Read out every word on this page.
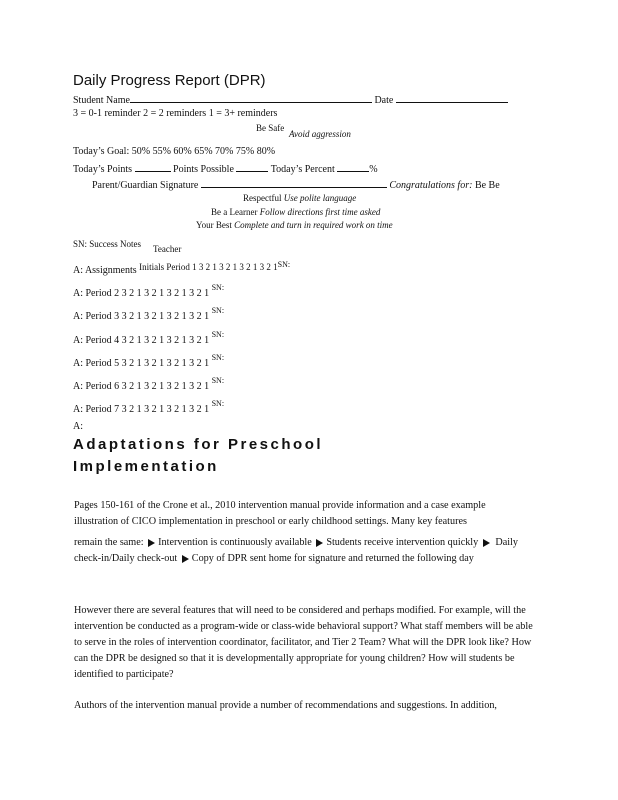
Daily Progress Report (DPR)
Student Name	Date
3 = 0-1 reminder 2 = 2 reminders 1 = 3+ reminders
Be Safe
Avoid aggression
Today’s Goal: 50% 55% 60% 65% 70% 75% 80%
Today’s Points	Points Possible	Today’s Percent	%
Parent/Guardian Signature	Congratulations for: Be Be
Respectful Use polite language
Be a Learner Follow directions first time asked
Your Best Complete and turn in required work on time
SN: Success Notes Teacher
A: Assignments Initials Period 1 3 2 1 3 2 1 3 2 1 3 2 $1^{SN:}$
A: Period 2 3 2 1 3 2 1 3 2 1 3 2 1 $^{SN:}$
A: Period 3 3 2 1 3 2 1 3 2 1 3 2 1 $^{SN:}$
A: Period 4 3 2 1 3 2 1 3 2 1 3 2 1 $^{SN:}$
A: Period 5 3 2 1 3 2 1 3 2 1 3 2 1 $^{SN:}$
A: Period 6 3 2 1 3 2 1 3 2 1 3 2 1 $^{SN:}$
A: Period 7 3 2 1 3 2 1 3 2 1 3 2 1 $^{SN:}$
A:
Adaptations for Preschool
Implementation
Pages 150-161 of the Crone et al., 2010 intervention manual provide information and a case example
illustration of CICO implementation in preschool or early childhood settings. Many key features
remain the same: Intervention is continuously available Students receive intervention quickly Daily check-in/Daily check-out Copy of DPR sent home for signature and returned the following day
However there are several features that will need to be considered and perhaps modified. For example, will the intervention be conducted as a program-wide or class-wide behavioral support? What staff members will be able to serve in the roles of intervention coordinator, facilitator, and Tier 2 Team? What will the DPR look like? How can the DPR be designed so that it is developmentally appropriate for young children? How will students be identified to participate?
Authors of the intervention manual provide a number of recommendations and suggestions. In addition,
